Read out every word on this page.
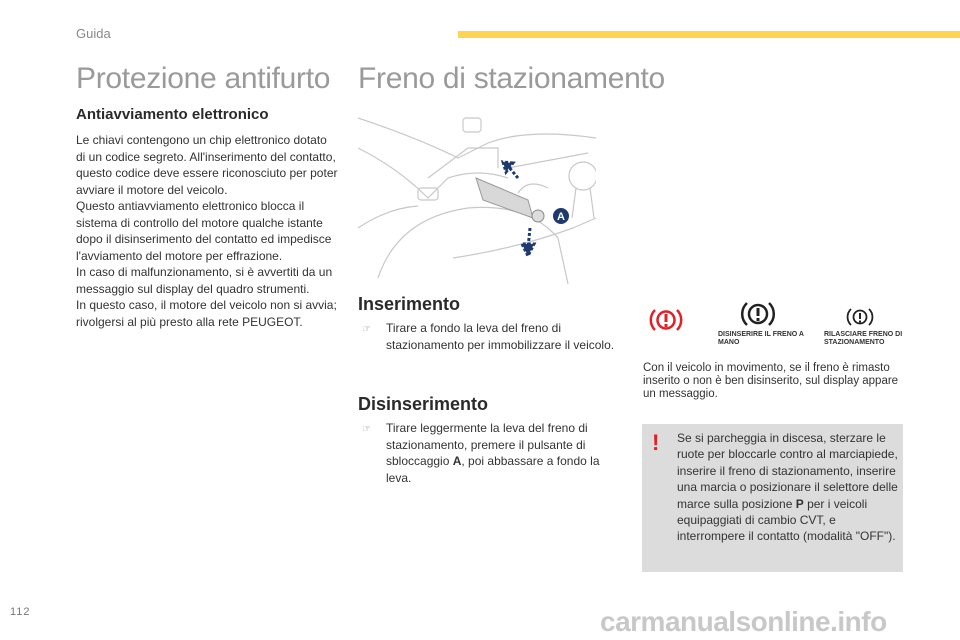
Guida
Protezione antifurto
Antiavviamento elettronico
Le chiavi contengono un chip elettronico dotato di un codice segreto. All'inserimento del contatto, questo codice deve essere riconosciuto per poter avviare il motore del veicolo.
Questo antiavviamento elettronico blocca il sistema di controllo del motore qualche istante dopo il disinserimento del contatto ed impedisce l'avviamento del motore per effrazione.
In caso di malfunzionamento, si è avvertiti da un messaggio sul display del quadro strumenti.
In questo caso, il motore del veicolo non si avvia; rivolgersi al più presto alla rete PEUGEOT.
Freno di stazionamento
A
Inserimento
☞	Tirare a fondo la leva del freno di stazionamento per immobilizzare il veicolo.
Disinserimento
☞	Tirare leggermente la leva del freno di stazionamento, premere il pulsante di sbloccaggio A, poi abbassare a fondo la leva.
DISINSERIRE IL FRENO A MANO
RILASCIARE FRENO DI STAZIONAMENTO
Con il veicolo in movimento, se il freno è rimasto inserito o non è ben disinserito, sul display appare un messaggio.
! Se si parcheggia in discesa, sterzare le ruote per bloccarle contro al marciapiede, inserire il freno di stazionamento, inserire una marcia o posizionare il selettore delle marce sulla posizione P per i veicoli equipaggiati di cambio CVT, e interrompere il contatto (modalità "OFF").
112	carmanualsonline.info
